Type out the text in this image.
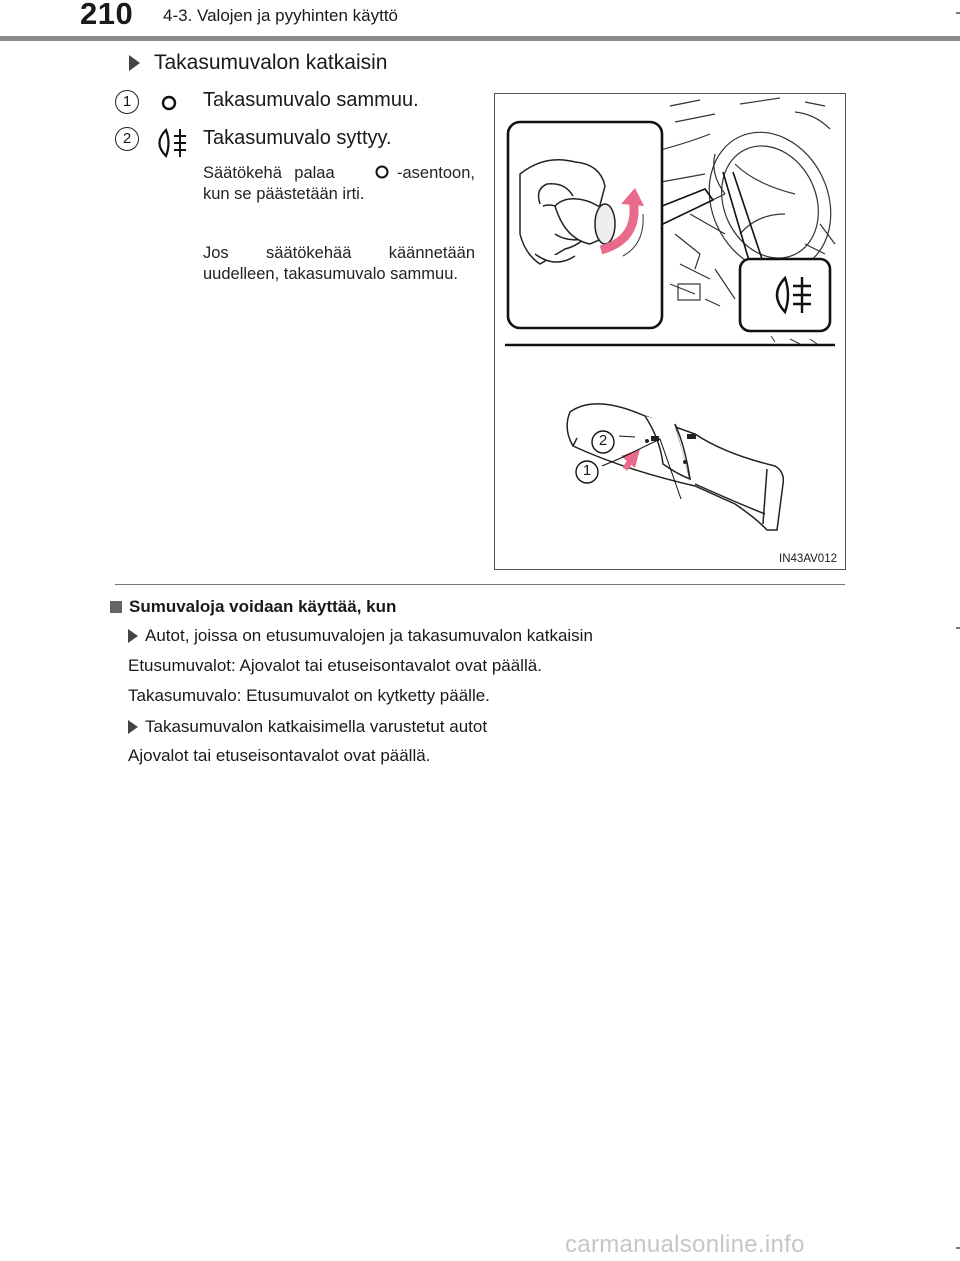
210 4-3. Valojen ja pyyhinten käyttö
Takasumuvalon katkaisin
1	Takasumuvalo sammuu.
2	Takasumuvalo syttyy.
Säätökehä palaa	-asentoon, kun se päästetään irti.
Jos säätökehää käännetään uudelleen, takasumuvalo sammuu.
2
1
IN43AV012
Sumuvaloja voidaan käyttää, kun
Autot, joissa on etusumuvalojen ja takasumuvalon katkaisin
Etusumuvalot: Ajovalot tai etuseisontavalot ovat päällä.
Takasumuvalo: Etusumuvalot on kytketty päälle.
Takasumuvalon katkaisimella varustetut autot
Ajovalot tai etuseisontavalot ovat päällä.
carmanualsonline.info
